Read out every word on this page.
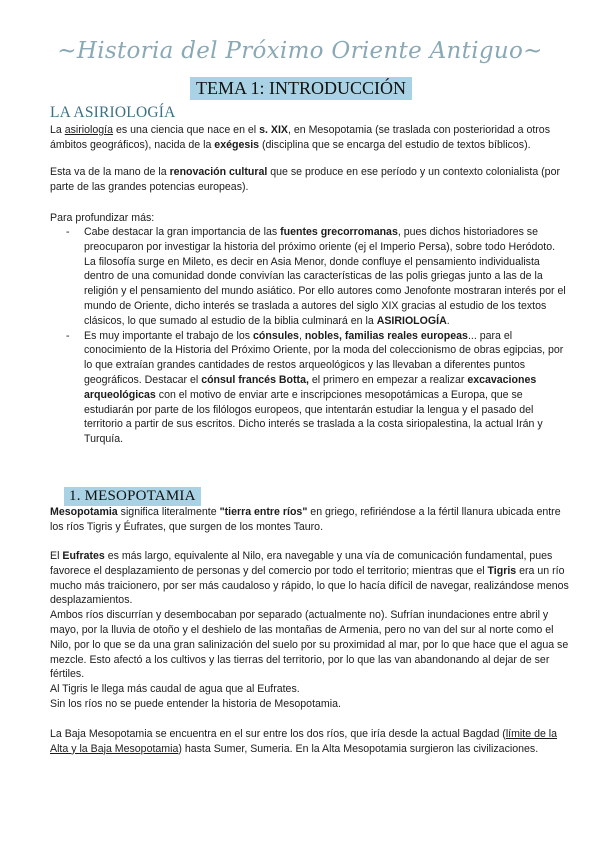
~Historia del Próximo Oriente Antiguo~
TEMA 1: INTRODUCCIÓN
LA ASIRIOLOGÍA
La asiriología es una ciencia que nace en el s. XIX, en Mesopotamia (se traslada con posterioridad a otros ámbitos geográficos), nacida de la exégesis (disciplina que se encarga del estudio de textos bíblicos).
Esta va de la mano de la renovación cultural que se produce en ese período y un contexto colonialista (por parte de las grandes potencias europeas).
Para profundizar más:
- Cabe destacar la gran importancia de las fuentes grecorromanas, pues dichos historiadores se preocuparon por investigar la historia del próximo oriente (ej el Imperio Persa), sobre todo Heródoto. La filosofía surge en Mileto, es decir en Asia Menor, donde confluye el pensamiento individualista dentro de una comunidad donde convivían las características de las polis griegas junto a las de la religión y el pensamiento del mundo asiático. Por ello autores como Jenofonte mostraran interés por el mundo de Oriente, dicho interés se traslada a autores del siglo XIX gracias al estudio de los textos clásicos, lo que sumado al estudio de la biblia culminará en la ASIRIOLOGÍA.
- Es muy importante el trabajo de los cónsules, nobles, familias reales europeas... para el conocimiento de la Historia del Próximo Oriente, por la moda del coleccionismo de obras egipcias, por lo que extraían grandes cantidades de restos arqueológicos y las llevaban a diferentes puntos geográficos. Destacar el cónsul francés Botta, el primero en empezar a realizar excavaciones arqueológicas con el motivo de enviar arte e inscripciones mesopotámicas a Europa, que se estudiarán por parte de los filólogos europeos, que intentarán estudiar la lengua y el pasado del territorio a partir de sus escritos. Dicho interés se traslada a la costa siriopalestina, la actual Irán y Turquía.
1. MESOPOTAMIA
Mesopotamia significa literalmente "tierra entre ríos" en griego, refiriéndose a la fértil llanura ubicada entre los ríos Tigris y Éufrates, que surgen de los montes Tauro.
El Eufrates es más largo, equivalente al Nilo, era navegable y una vía de comunicación fundamental, pues favorece el desplazamiento de personas y del comercio por todo el territorio; mientras que el Tigris era un río mucho más traicionero, por ser más caudaloso y rápido, lo que lo hacía difícil de navegar, realizándose menos desplazamientos.
Ambos ríos discurrían y desembocaban por separado (actualmente no). Sufrían inundaciones entre abril y mayo, por la lluvia de otoño y el deshielo de las montañas de Armenia, pero no van del sur al norte como el Nilo, por lo que se da una gran salinización del suelo por su proximidad al mar, por lo que hace que el agua se mezcle. Esto afectó a los cultivos y las tierras del territorio, por lo que las van abandonando al dejar de ser fértiles.
Al Tigris le llega más caudal de agua que al Eufrates.
Sin los ríos no se puede entender la historia de Mesopotamia.
La Baja Mesopotamia se encuentra en el sur entre los dos ríos, que iría desde la actual Bagdad (límite de la Alta y la Baja Mesopotamia) hasta Sumer, Sumeria. En la Alta Mesopotamia surgieron las civilizaciones.
